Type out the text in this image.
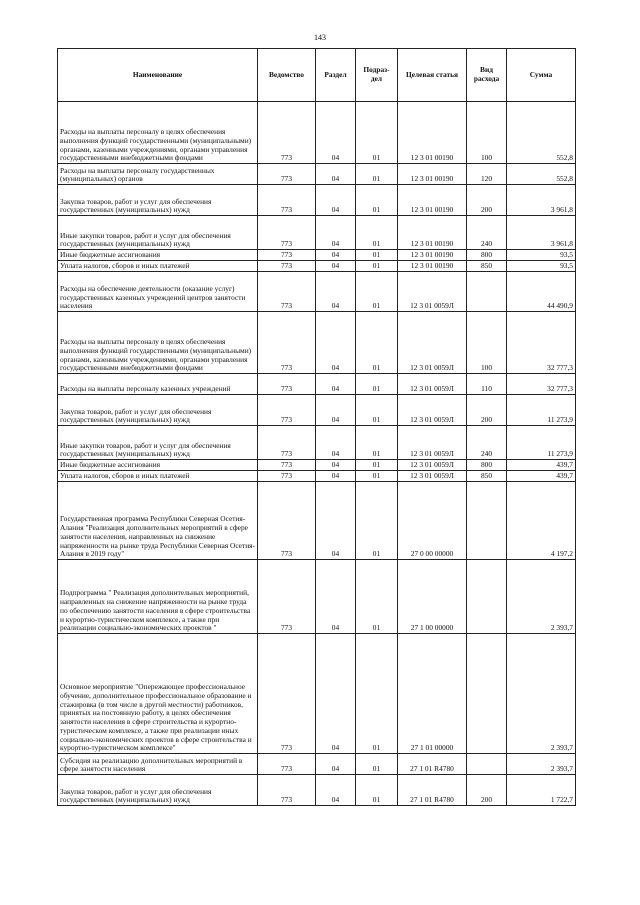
143
Наименование	Ведомство	Раздел	Подраз-дел	Целевая статья	Вид расхода	Сумма
Расходы на выплаты персоналу в целях обеспечения выполнения функций государственными (муниципальными) органами, казенными учреждениями, органами управления государственными внебюджетными фондами	773	04	01	12 3 01 00190	100	552,8
Расходы на выплаты персоналу государственных (муниципальных) органов	773	04	01	12 3 01 00190	120	552,8
Закупка товаров, работ и услуг для обеспечения государственных (муниципальных) нужд	773	04	01	12 3 01 00190	200	3 961,8
Иные закупки товаров, работ и услуг для обеспечения государственных (муниципальных) нужд	773	04	01	12 3 01 00190	240	3 961,8
Иные бюджетные ассигнования	773	04	01	12 3 01 00190	800	93,5
Уплата налогов, сборов и иных платежей	773	04	01	12 3 01 00190	850	93,5
Расходы на обеспечение деятельности (оказание услуг) государственных казенных учреждений центров занятости населения	773	04	01	12 3 01 0059Л		44 490,9
Расходы на выплаты персоналу в целях обеспечения выполнения функций государственными (муниципальными) органами, казенными учреждениями, органами управления государственными внебюджетными фондами	773	04	01	12 3 01 0059Л	100	32 777,3
Расходы на выплаты персоналу казенных учреждений	773	04	01	12 3 01 0059Л	110	32 777,3
Закупка товаров, работ и услуг для обеспечения государственных (муниципальных) нужд	773	04	01	12 3 01 0059Л	200	11 273,9
Иные закупки товаров, работ и услуг для обеспечения государственных (муниципальных) нужд	773	04	01	12 3 01 0059Л	240	11 273,9
Иные бюджетные ассигнования	773	04	01	12 3 01 0059Л	800	439,7
Уплата налогов, сборов и иных платежей	773	04	01	12 3 01 0059Л	850	439,7
Государственная программа Республики Северная Осетия-Алания "Реализация дополнительных мероприятий в сфере занятости населения, направленных на снижение напряженности на рынке труда Республики Северная Осетия-Алания в 2019 году"	773	04	01	27 0 00 00000		4 197,2
Подпрограмма " Реализация дополнительных мероприятий, направленных на снижение напряженности на рынке труда по обеспечению занятости населения в сфере строительства и курортно-туристическом комплексе, а также при реализации социально-экономических проектов "	773	04	01	27 1 00 00000		2 393,7
Основное мероприятие "Опережающее профессиональное обучение, дополнительное профессиональное образование и стажировка (в том числе в другой местности) работников, принятых на постоянную работу, в целях обеспечения занятости населения в сфере строительства и курортно-туристическом комплексе, а также при реализации иных социально-экономических проектов в сфере строительства и курортно-туристическом комплексе"	773	04	01	27 1 01 00000		2 393,7
Субсидия на реализацию дополнительных мероприятий в сфере занятости населения	773	04	01	27 1 01 R4780		2 393,7
Закупка товаров, работ и услуг для обеспечения государственных (муниципальных) нужд	773	04	01	27 1 01 R4780	200	1 722,7
